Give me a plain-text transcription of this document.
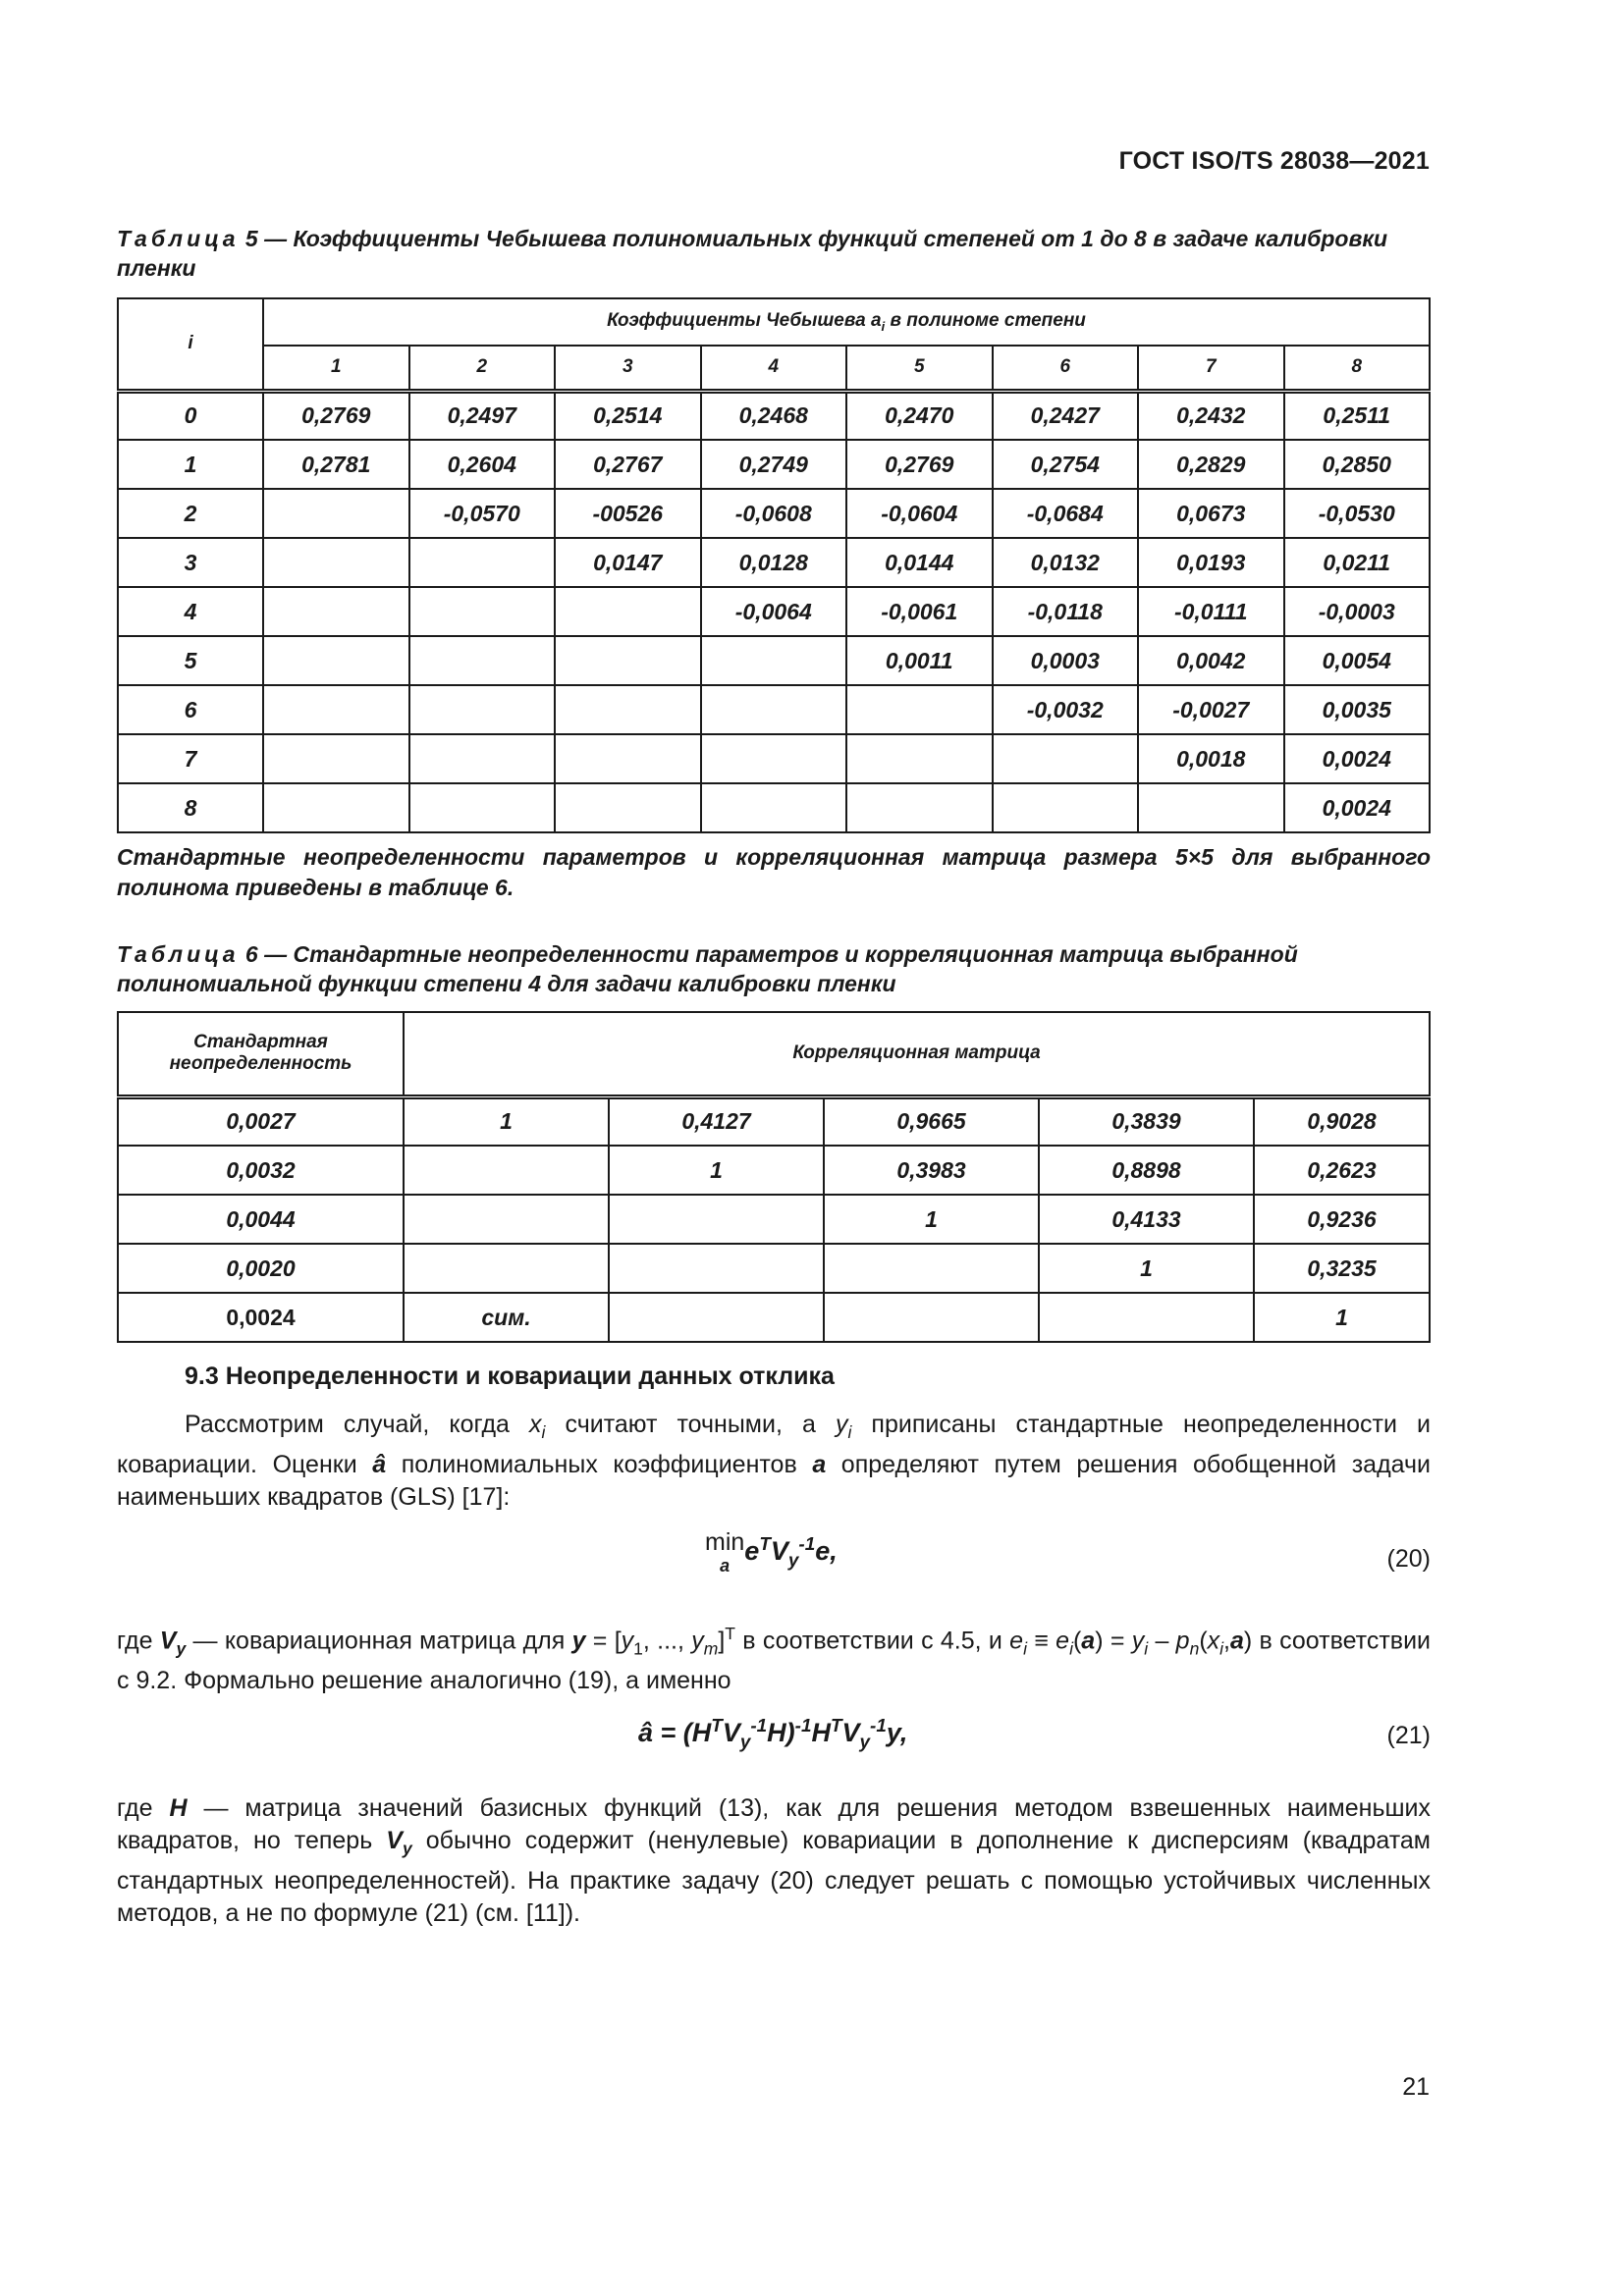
ГОСТ ISO/TS 28038—2021
Таблица 5 — Коэффициенты Чебышева полиномиальных функций степеней от 1 до 8 в задаче калибровки пленки
i	Коэффициенты Чебышева $a_i$ в полиноме степени							
	1	2	3	4	5	6	7	8
0	0,2769	0,2497	0,2514	0,2468	0,2470	0,2427	0,2432	0,2511
1	0,2781	0,2604	0,2767	0,2749	0,2769	0,2754	0,2829	0,2850
2		-0,0570	-00526	-0,0608	-0,0604	-0,0684	0,0673	-0,0530
3			0,0147	0,0128	0,0144	0,0132	0,0193	0,0211
4				-0,0064	-0,0061	-0,0118	-0,0111	-0,0003
5					0,0011	0,0003	0,0042	0,0054
6						-0,0032	-0,0027	0,0035
7							0,0018	0,0024
8								0,0024
Стандартные неопределенности параметров и корреляционная матрица размера 5×5 для выбранного полинома приведены в таблице 6.
Таблица 6 — Стандартные неопределенности параметров и корреляционная матрица выбранной полиномиальной функции степени 4 для задачи калибровки пленки
Стандартная неопределенность	Корреляционная матрица				
0,0027	1	0,4127	0,9665	0,3839	0,9028
0,0032		1	0,3983	0,8898	0,2623
0,0044			1	0,4133	0,9236
0,0020				1	0,3235
0,0024	сим.				1
9.3 Неопределенности и ковариации данных отклика

Рассмотрим случай, когда $x_i$ считают точными, а $y_i$ приписаны стандартные неопределенности и ковариации. Оценки â полиномиальных коэффициентов a определяют путем решения обобщенной задачи наименьших квадратов (GLS) [17]:

min
a $e^TV_y^{-1}e$,	(20)

где $V_y$ — ковариационная матрица для $y = [y_1$, ..., $y_m]^T$ в соответствии с 4.5, и $e_i \equiv e_i(a) = y_i - p_n(x_i,a)$ в соответствии с 9.2. Формально решение аналогично (19), а именно

â = $(H^TV_y^{-1}H)^{-1}H^TV_y^{-1}y$,	(21)

где H — матрица значений базисных функций (13), как для решения методом взвешенных наименьших квадратов, но теперь $V_y$ обычно содержит (ненулевые) ковариации в дополнение к дисперсиям (квадратам стандартных неопределенностей). На практике задачу (20) следует решать с помощью устойчивых численных методов, а не по формуле (21) (см. [11]).

21
